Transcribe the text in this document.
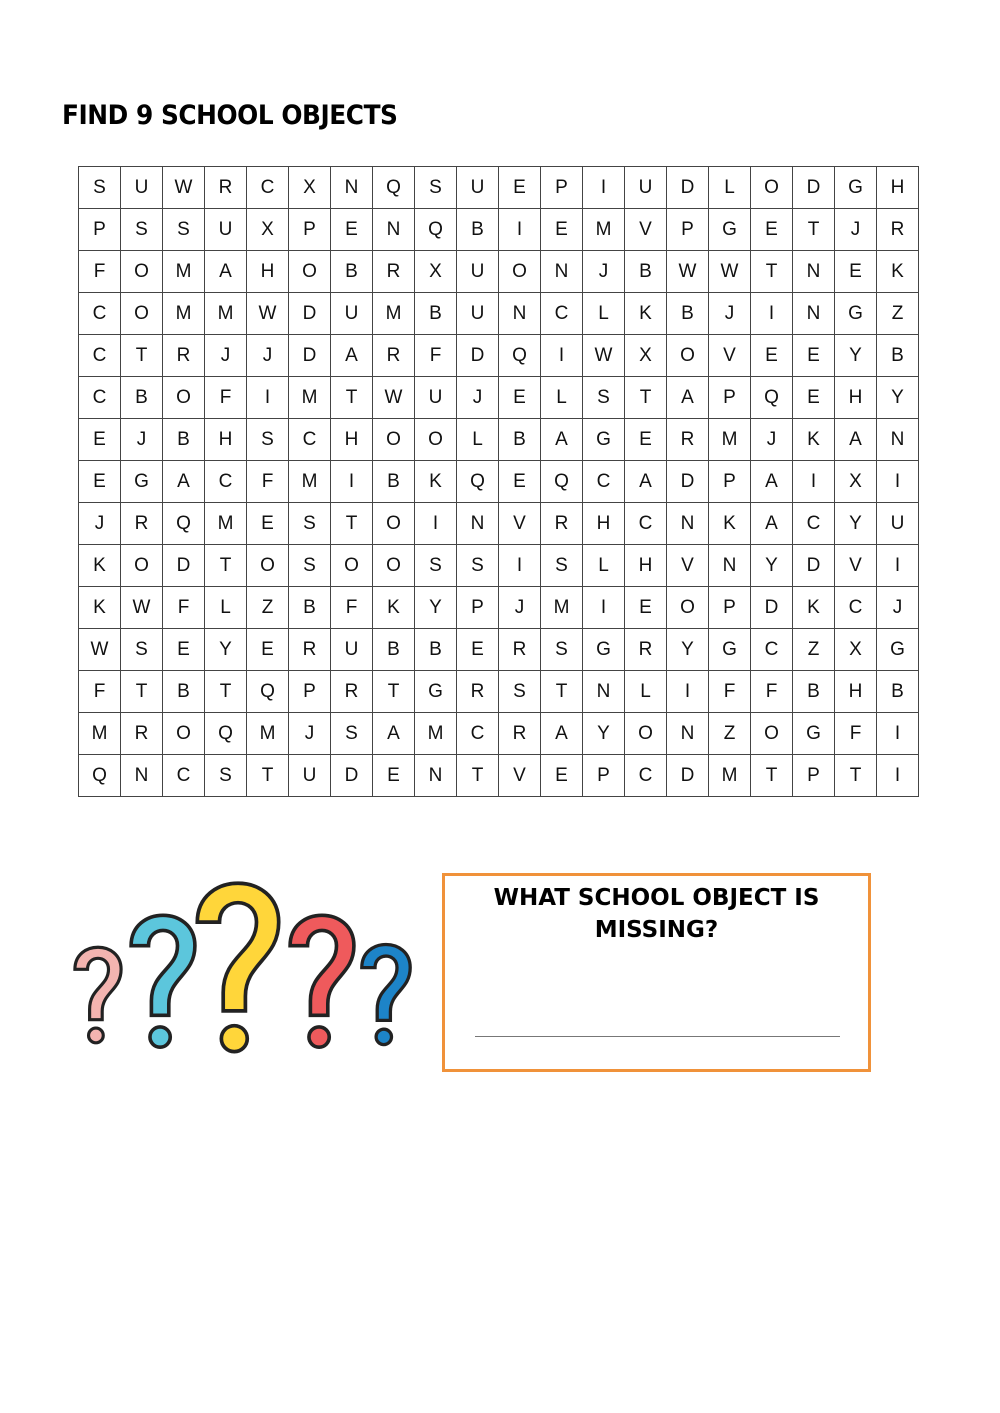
FIND 9 SCHOOL OBJECTS
S	U	W	R	C	X	N	Q	S	U	E	P	I	U	D	L	O	D	G	H
P	S	S	U	X	P	E	N	Q	B	I	E	M	V	P	G	E	T	J	R
F	O	M	A	H	O	B	R	X	U	O	N	J	B	W	W	T	N	E	K
C	O	M	M	W	D	U	M	B	U	N	C	L	K	B	J	I	N	G	Z
C	T	R	J	J	D	A	R	F	D	Q	I	W	X	O	V	E	E	Y	B
C	B	O	F	I	M	T	W	U	J	E	L	S	T	A	P	Q	E	H	Y
E	J	B	H	S	C	H	O	O	L	B	A	G	E	R	M	J	K	A	N
E	G	A	C	F	M	I	B	K	Q	E	Q	C	A	D	P	A	I	X	I
J	R	Q	M	E	S	T	O	I	N	V	R	H	C	N	K	A	C	Y	U
K	O	D	T	O	S	O	O	S	S	I	S	L	H	V	N	Y	D	V	I
K	W	F	L	Z	B	F	K	Y	P	J	M	I	E	O	P	D	K	C	J
W	S	E	Y	E	R	U	B	B	E	R	S	G	R	Y	G	C	Z	X	G
F	T	B	T	Q	P	R	T	G	R	S	T	N	L	I	F	F	B	H	B
M	R	O	Q	M	J	S	A	M	C	R	A	Y	O	N	Z	O	G	F	I
Q	N	C	S	T	U	D	E	N	T	V	E	P	C	D	M	T	P	T	I
WHAT SCHOOL OBJECT IS MISSING?
